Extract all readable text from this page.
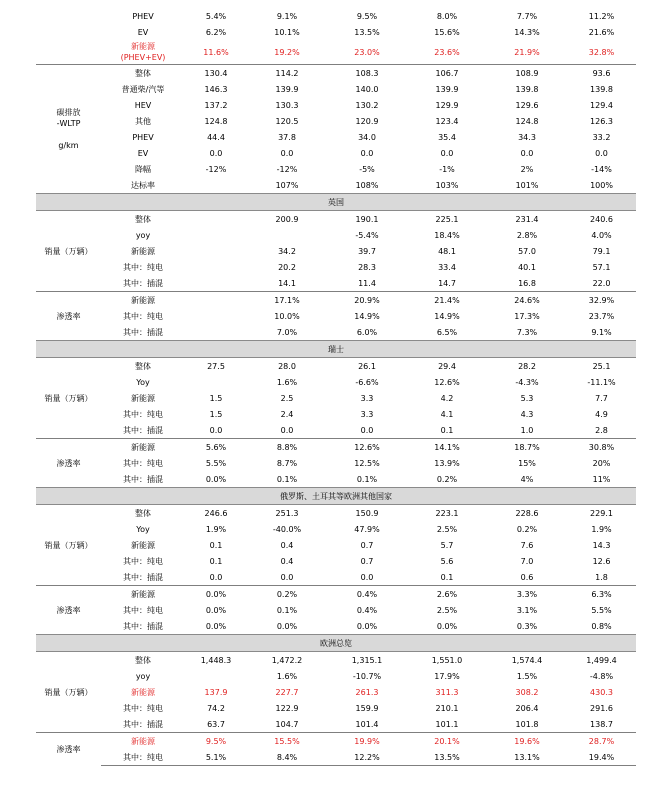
	PHEV	5.4%	9.1%	9.5%	8.0%	7.7%	11.2%
	EV	6.2%	10.1%	13.5%	15.6%	14.3%	21.6%
	新能源
(PHEV+EV)	11.6%	19.2%	23.0%	23.6%	21.9%	32.8%
碳排放
-WLTP

g/km	整体	130.4	114.2	108.3	106.7	108.9	93.6
	普通柴/汽等	146.3	139.9	140.0	139.9	139.8	139.8
	HEV	137.2	130.3	130.2	129.9	129.6	129.4
	其他	124.8	120.5	120.9	123.4	124.8	126.3
	PHEV	44.4	37.8	34.0	35.4	34.3	33.2
	EV	0.0	0.0	0.0	0.0	0.0	0.0
	降幅	-12%	-12%	-5%	-1%	2%	-14%
	达标率		107%	108%	103%	101%	100%
英国							
销量（万辆）	整体		200.9	190.1	225.1	231.4	240.6
	yoy			-5.4%	18.4%	2.8%	4.0%
	新能源		34.2	39.7	48.1	57.0	79.1
	其中：纯电		20.2	28.3	33.4	40.1	57.1
	其中：插混		14.1	11.4	14.7	16.8	22.0
渗透率	新能源		17.1%	20.9%	21.4%	24.6%	32.9%
	其中：纯电		10.0%	14.9%	14.9%	17.3%	23.7%
	其中：插混		7.0%	6.0%	6.5%	7.3%	9.1%
瑞士							
销量（万辆）	整体	27.5	28.0	26.1	29.4	28.2	25.1
	Yoy		1.6%	-6.6%	12.6%	-4.3%	-11.1%
	新能源	1.5	2.5	3.3	4.2	5.3	7.7
	其中：纯电	1.5	2.4	3.3	4.1	4.3	4.9
	其中：插混	0.0	0.0	0.0	0.1	1.0	2.8
渗透率	新能源	5.6%	8.8%	12.6%	14.1%	18.7%	30.8%
	其中：纯电	5.5%	8.7%	12.5%	13.9%	15%	20%
	其中：插混	0.0%	0.1%	0.1%	0.2%	4%	11%
俄罗斯、土耳其等欧洲其他国家							
销量（万辆）	整体	246.6	251.3	150.9	223.1	228.6	229.1
	Yoy	1.9%	-40.0%	47.9%	2.5%	0.2%	1.9%
	新能源	0.1	0.4	0.7	5.7	7.6	14.3
	其中：纯电	0.1	0.4	0.7	5.6	7.0	12.6
	其中：插混	0.0	0.0	0.0	0.1	0.6	1.8
渗透率	新能源	0.0%	0.2%	0.4%	2.6%	3.3%	6.3%
	其中：纯电	0.0%	0.1%	0.4%	2.5%	3.1%	5.5%
	其中：插混	0.0%	0.0%	0.0%	0.0%	0.3%	0.8%
欧洲总览							
销量（万辆）	整体	1,448.3	1,472.2	1,315.1	1,551.0	1,574.4	1,499.4
	yoy		1.6%	-10.7%	17.9%	1.5%	-4.8%
	新能源	137.9	227.7	261.3	311.3	308.2	430.3
	其中：纯电	74.2	122.9	159.9	210.1	206.4	291.6
	其中：插混	63.7	104.7	101.4	101.1	101.8	138.7
渗透率	新能源	9.5%	15.5%	19.9%	20.1%	19.6%	28.7%
	其中：纯电	5.1%	8.4%	12.2%	13.5%	13.1%	19.4%
